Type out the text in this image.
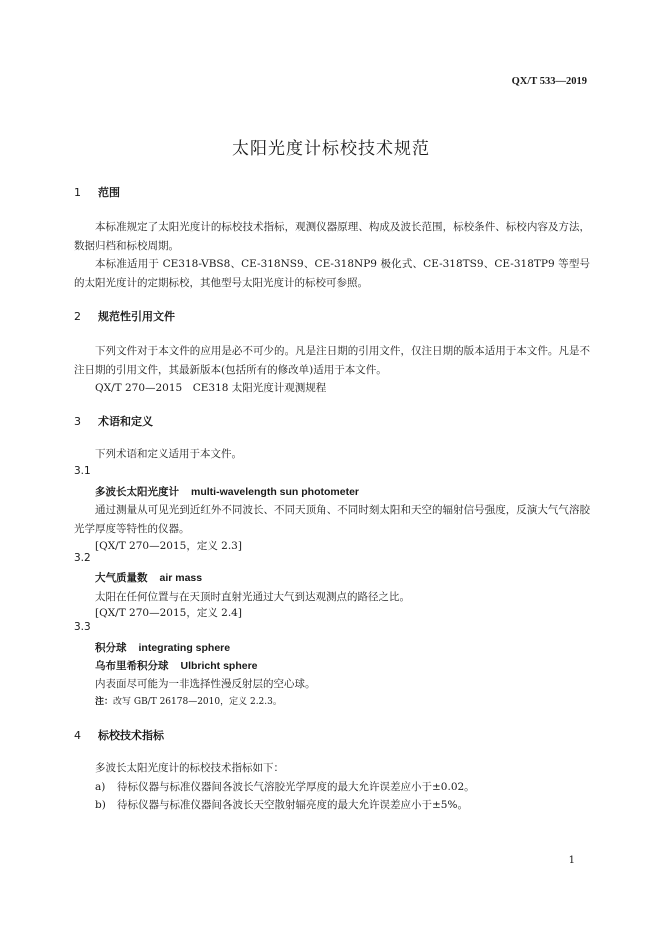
QX/T 533—2019
太阳光度计标校技术规范
1 范围
本标准规定了太阳光度计的标校技术指标，观测仪器原理、构成及波长范围，标校条件、标校内容及方法，数据归档和标校周期。
本标准适用于 CE318-VBS8、CE-318NS9、CE-318NP9 极化式、CE-318TS9、CE-318TP9 等型号的太阳光度计的定期标校，其他型号太阳光度计的标校可参照。
2 规范性引用文件
下列文件对于本文件的应用是必不可少的。凡是注日期的引用文件，仅注日期的版本适用于本文件。凡是不注日期的引用文件，其最新版本(包括所有的修改单)适用于本文件。
QX/T 270—2015　CE318 太阳光度计观测规程
3 术语和定义
下列术语和定义适用于本文件。
3.1
多波长太阳光度计 multi-wavelength sun photometer
通过测量从可见光到近红外不同波长、不同天顶角、不同时刻太阳和天空的辐射信号强度，反演大气气溶胶光学厚度等特性的仪器。
[QX/T 270—2015，定义 2.3]
3.2
大气质量数 air mass
太阳在任何位置与在天顶时直射光通过大气到达观测点的路径之比。
[QX/T 270—2015，定义 2.4]
3.3
积分球 integrating sphere
乌布里希积分球 Ulbricht sphere
内表面尽可能为一非选择性漫反射层的空心球。
注：改写 GB/T 26178—2010，定义 2.2.3。
4 标校技术指标
多波长太阳光度计的标校技术指标如下：
a) 待标仪器与标准仪器间各波长气溶胶光学厚度的最大允许误差应小于±0.02。
b) 待标仪器与标准仪器间各波长天空散射辐亮度的最大允许误差应小于±5%。
1
